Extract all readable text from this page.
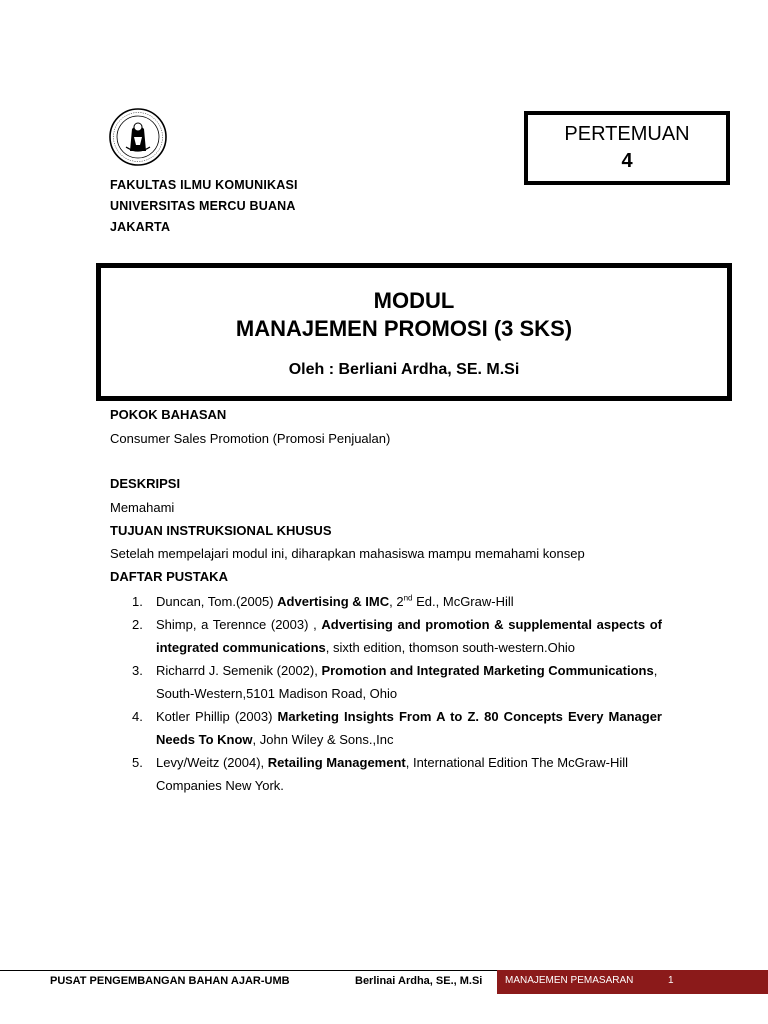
FAKULTAS ILMU KOMUNIKASI
UNIVERSITAS MERCU BUANA
JAKARTA
PERTEMUAN
4
MODUL
MANAJEMEN PROMOSI (3 SKS)
Oleh : Berliani Ardha, SE. M.Si
POKOK BAHASAN
Consumer Sales Promotion (Promosi Penjualan)
DESKRIPSI
Memahami
TUJUAN INSTRUKSIONAL KHUSUS
Setelah mempelajari modul ini, diharapkan mahasiswa mampu memahami konsep
DAFTAR PUSTAKA
1. Duncan, Tom.(2005) Advertising & IMC, 2nd Ed., McGraw-Hill
2. Shimp, a Terennce (2003) , Advertising and promotion & supplemental aspects of integrated communications, sixth edition, thomson south-western.Ohio
3. Richarrd J. Semenik (2002), Promotion and Integrated Marketing Communications, South-Western,5101 Madison Road, Ohio
4. Kotler Phillip (2003) Marketing Insights From A to Z. 80 Concepts Every Manager Needs To Know, John Wiley & Sons.,Inc
5. Levy/Weitz (2004), Retailing Management, International Edition The McGraw-Hill Companies New York.
PUSAT PENGEMBANGAN BAHAN AJAR-UMB	Berlinai Ardha, SE., M.Si MANAJEMEN PEMASARAN	1
